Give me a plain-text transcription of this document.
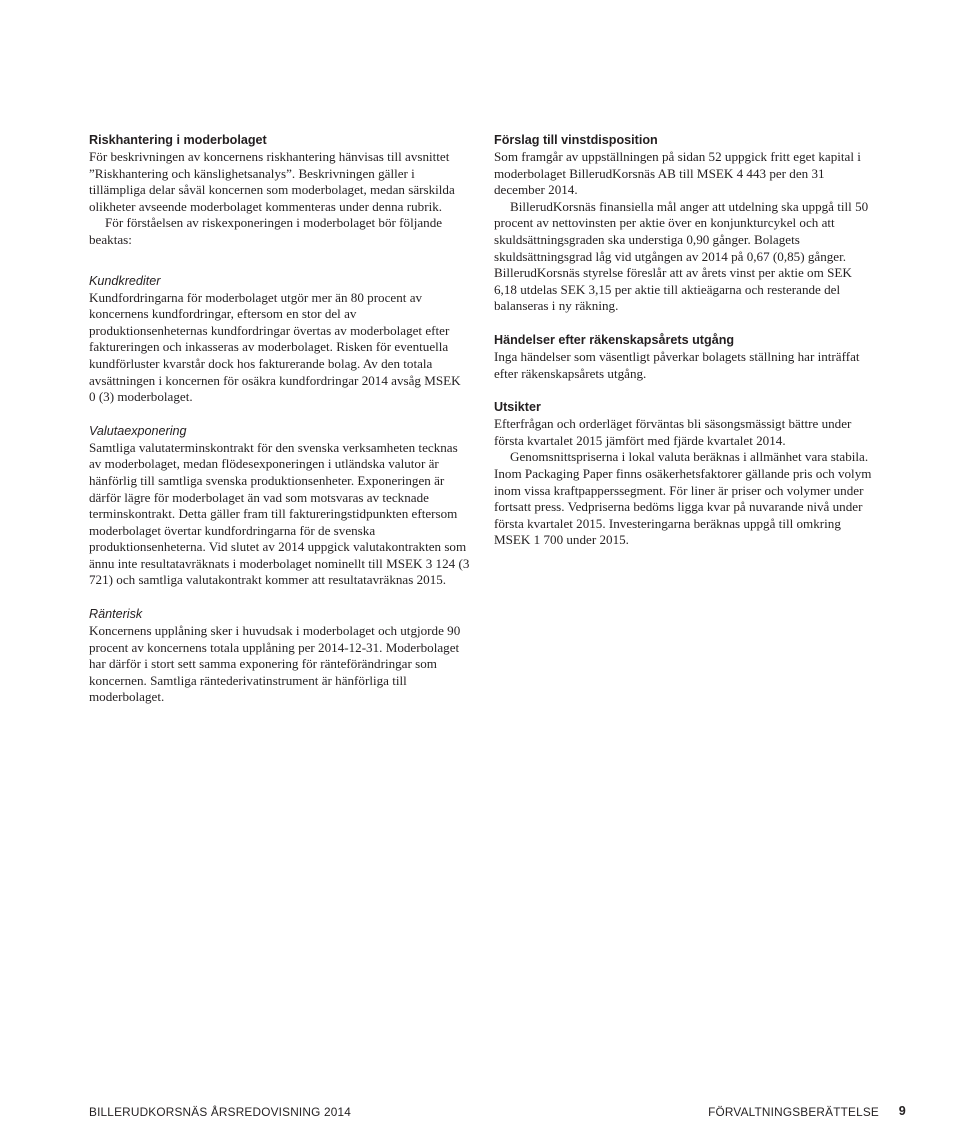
Riskhantering i moderbolaget

För beskrivningen av koncernens riskhantering hänvisas till avsnittet ”Riskhantering och känslighetsanalys”. Beskrivningen gäller i tillämpliga delar såväl koncernen som moderbolaget, medan särskilda olikheter avseende moderbolaget kommenteras under denna rubrik.

För förståelsen av riskexponeringen i moderbolaget bör följande beaktas:

Kundkrediter

Kundfordringarna för moderbolaget utgör mer än 80 procent av koncernens kundfordringar, eftersom en stor del av produktionsenheternas kundfordringar övertas av moderbolaget efter faktureringen och inkasseras av moderbolaget. Risken för eventuella kundförluster kvarstår dock hos fakturerande bolag. Av den totala avsättningen i koncernen för osäkra kundfordringar 2014 avsåg MSEK 0 (3) moderbolaget.

Valutaexponering

Samtliga valutaterminskontrakt för den svenska verksamheten tecknas av moderbolaget, medan flödesexponeringen i utländska valutor är hänförlig till samtliga svenska produktionsenheter. Exponeringen är därför lägre för moderbolaget än vad som motsvaras av tecknade terminskontrakt. Detta gäller fram till faktureringstidpunkten eftersom moderbolaget övertar kundfordringarna för de svenska produktionsenheterna. Vid slutet av 2014 uppgick valutakontrakten som ännu inte resultatavräknats i moderbolaget nominellt till MSEK 3 124 (3 721) och samtliga valutakontrakt kommer att resultatavräknas 2015.

Ränterisk

Koncernens upplåning sker i huvudsak i moderbolaget och utgjorde 90 procent av koncernens totala upplåning per 2014-12-31. Moderbolaget har därför i stort sett samma exponering för ränteförändringar som koncernen. Samtliga räntederivatinstrument är hänförliga till moderbolaget.

Förslag till vinstdisposition

Som framgår av uppställningen på sidan 52 uppgick fritt eget kapital i moderbolaget BillerudKorsnäs AB till MSEK 4 443 per den 31 december 2014.

BillerudKorsnäs finansiella mål anger att utdelning ska uppgå till 50 procent av nettovinsten per aktie över en konjunkturcykel och att skuldsättningsgraden ska understiga 0,90 gånger. Bolagets skuldsättningsgrad låg vid utgången av 2014 på 0,67 (0,85) gånger. BillerudKorsnäs styrelse föreslår att av årets vinst per aktie om SEK 6,18 utdelas SEK 3,15 per aktie till aktieägarna och resterande del balanseras i ny räkning.

Händelser efter räkenskapsårets utgång

Inga händelser som väsentligt påverkar bolagets ställning har inträffat efter räkenskapsårets utgång.

Utsikter

Efterfrågan och orderläget förväntas bli säsongsmässigt bättre under första kvartalet 2015 jämfört med fjärde kvartalet 2014.

Genomsnittspriserna i lokal valuta beräknas i allmänhet vara stabila. Inom Packaging Paper finns osäkerhetsfaktorer gällande pris och volym inom vissa kraftpapperssegment. För liner är priser och volymer under fortsatt press. Vedpriserna bedöms ligga kvar på nuvarande nivå under första kvartalet 2015. Investeringarna beräknas uppgå till omkring MSEK 1 700 under 2015.

BILLERUDKORSNÄS ÅRSREDOVISNING 2014	FÖRVALTNINGSBERÄTTELSE 9
